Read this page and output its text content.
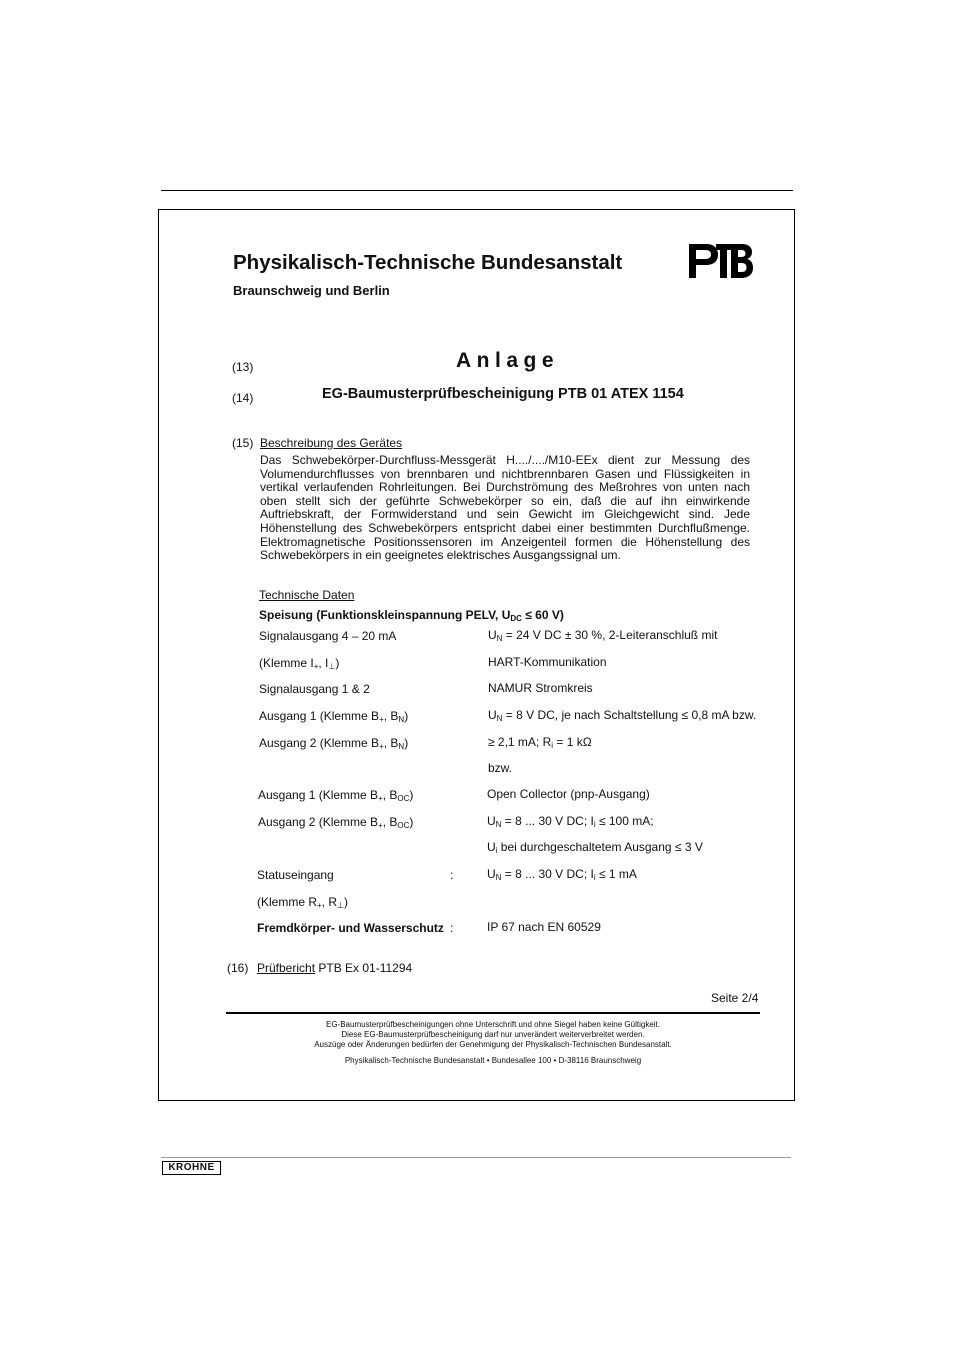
Physikalisch-Technische Bundesanstalt
Braunschweig und Berlin
(13)	Anlage
(14)	EG-Baumusterprüfbescheinigung PTB 01 ATEX 1154
(15) Beschreibung des Gerätes
Das Schwebekörper-Durchfluss-Messgerät H..../..../M10-EEx dient zur Messung des Volumendurchflusses von brennbaren und nichtbrennbaren Gasen und Flüssigkeiten in vertikal verlaufenden Rohrleitungen. Bei Durchströmung des Meßrohres von unten nach oben stellt sich der geführte Schwebekörper so ein, daß die auf ihn einwirkende Auftriebskraft, der Formwiderstand und sein Gewicht im Gleichgewicht sind. Jede Höhenstellung des Schwebekörpers entspricht dabei einer bestimmten Durchflußmenge. Elektromagnetische Positionssensoren im Anzeigenteil formen die Höhenstellung des Schwebekörpers in ein geeignetes elektrisches Ausgangssignal um.
Technische Daten
Speisung (Funktionskleinspannung PELV, $U_{DC} \le 60$ V)
Signalausgang 4 – 20 mA	$U_N = 24$ V DC ± 30 %, 2-Leiteranschluß mit
(Klemme $I_+$, $I_\perp$)	HART-Kommunikation
Signalausgang 1 & 2	NAMUR Stromkreis
Ausgang 1 (Klemme $B_+$, $B_N$)	$U_N = 8$ V DC, je nach Schaltstellung ≤ 0,8 mA bzw.
Ausgang 2 (Klemme $B_+$, $B_N$)	≥ 2,1 mA; $R_i = 1$ kΩ
bzw.
Ausgang 1 (Klemme $B_+$, $B_{OC}$)	Open Collector (pnp-Ausgang)
Ausgang 2 (Klemme $B_+$, $B_{OC}$)	$U_N = 8$ ... 30 V DC; $I_i \le 100$ mA;
$U_i$ bei durchgeschaltetem Ausgang ≤ 3 V
Statuseingang	:	$U_N = 8$ ... 30 V DC; $I_i \le 1$ mA
(Klemme $R_+$, $R_\perp$)
Fremdkörper- und Wasserschutz :	IP 67 nach EN 60529
(16) Prüfbericht PTB Ex 01-11294
Seite 2/4
EG-Baumusterprüfbescheinigungen ohne Unterschrift und ohne Siegel haben keine Gültigkeit.
Diese EG-Baumusterprüfbescheinigung darf nur unverändert weiterverbreitet werden.
Auszüge oder Änderungen bedürfen der Genehmigung der Physikalisch-Technischen Bundesanstalt.
Physikalisch-Technische Bundesanstalt • Bundesallee 100 • D-38116 Braunschweig
KROHNE
